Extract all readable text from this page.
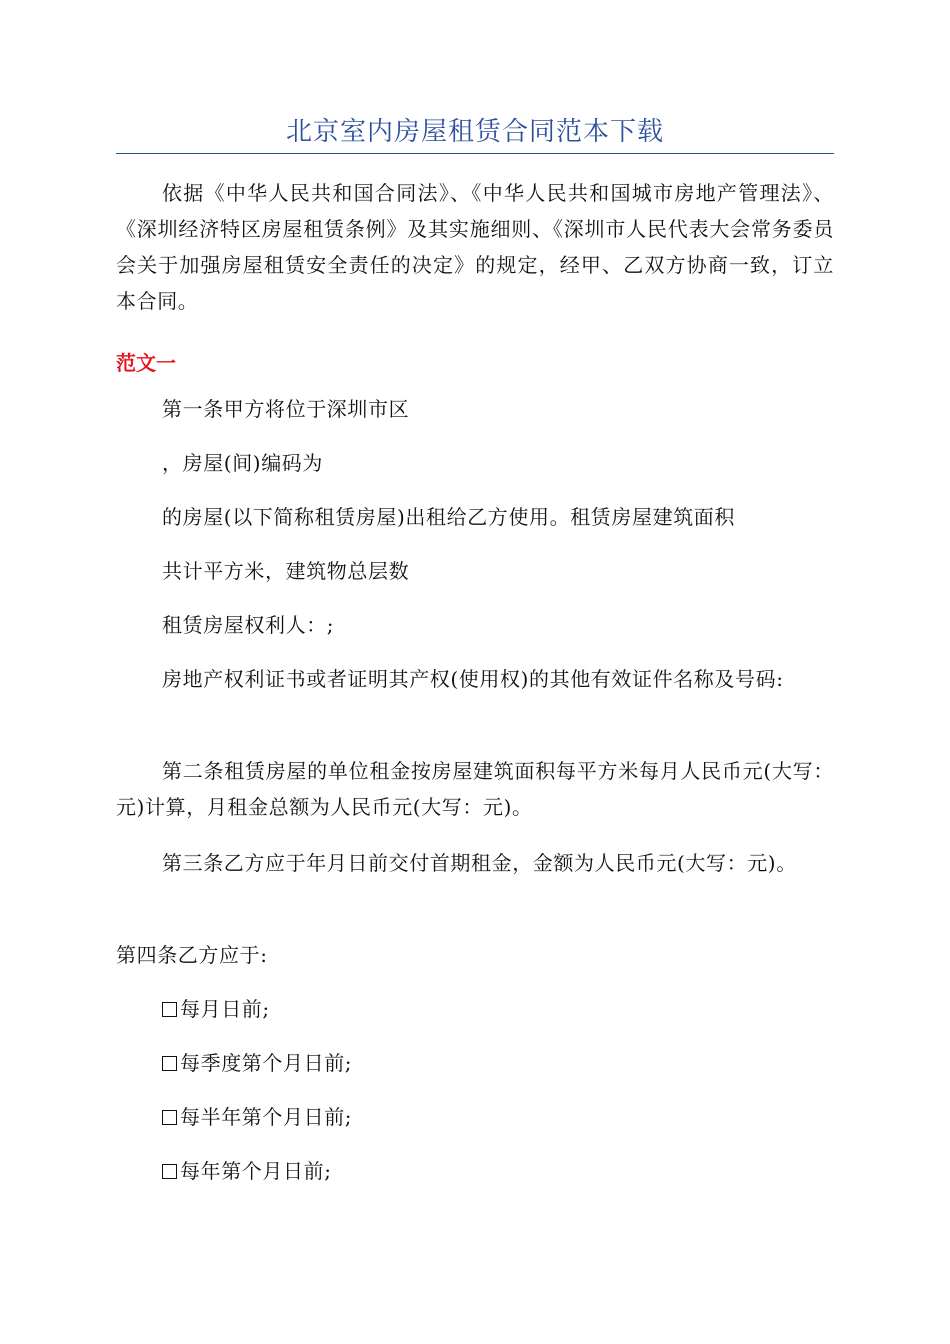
北京室内房屋租赁合同范本下载

依据《中华人民共和国合同法》、《中华人民共和国城市房地产管理法》、《深圳经济特区房屋租赁条例》及其实施细则、《深圳市人民代表大会常务委员会关于加强房屋租赁安全责任的决定》的规定，经甲、乙双方协商一致，订立本合同。

范文一
第一条甲方将位于深圳市区
，房屋(间)编码为
的房屋(以下简称租赁房屋)出租给乙方使用。租赁房屋建筑面积
共计平方米，建筑物总层数
租赁房屋权利人：;

房地产权利证书或者证明其产权(使用权)的其他有效证件名称及号码:

第二条租赁房屋的单位租金按房屋建筑面积每平方米每月人民币元(大写：元)计算，月租金总额为人民币元(大写：元)。

第三条乙方应于年月日前交付首期租金，金额为人民币元(大写：元)。

第四条乙方应于:
每月日前;
每季度第个月日前;
每半年第个月日前;
每年第个月日前;
